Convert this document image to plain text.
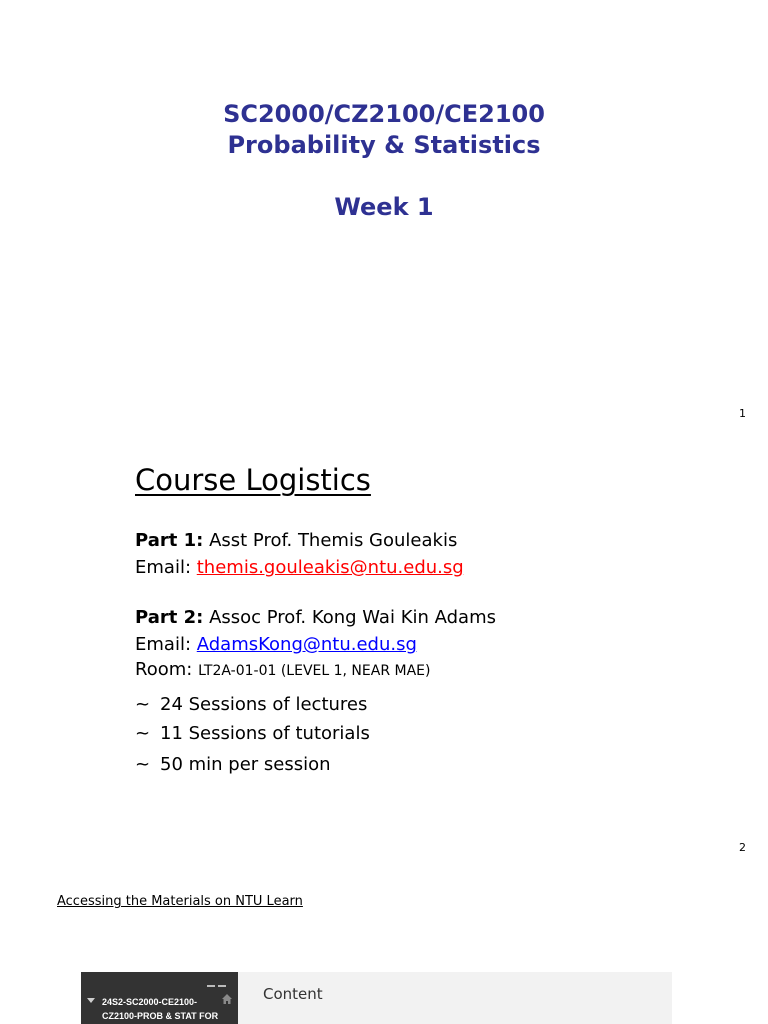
SC2000/CZ2100/CE2100
Probability & Statistics
Week 1
1
Course Logistics
Part 1: Asst Prof. Themis Gouleakis
Email: themis.gouleakis@ntu.edu.sg
Part 2: Assoc Prof. Kong Wai Kin Adams
Email: AdamsKong@ntu.edu.sg
Room: LT2A-01-01 (LEVEL 1, NEAR MAE)
~ 24 Sessions of lectures
~ 11 Sessions of tutorials
~ 50 min per session
2
Accessing the Materials on NTU Learn
24S2-SC2000-CE2100-CZ2100-PROB & STAT FOR
Content
